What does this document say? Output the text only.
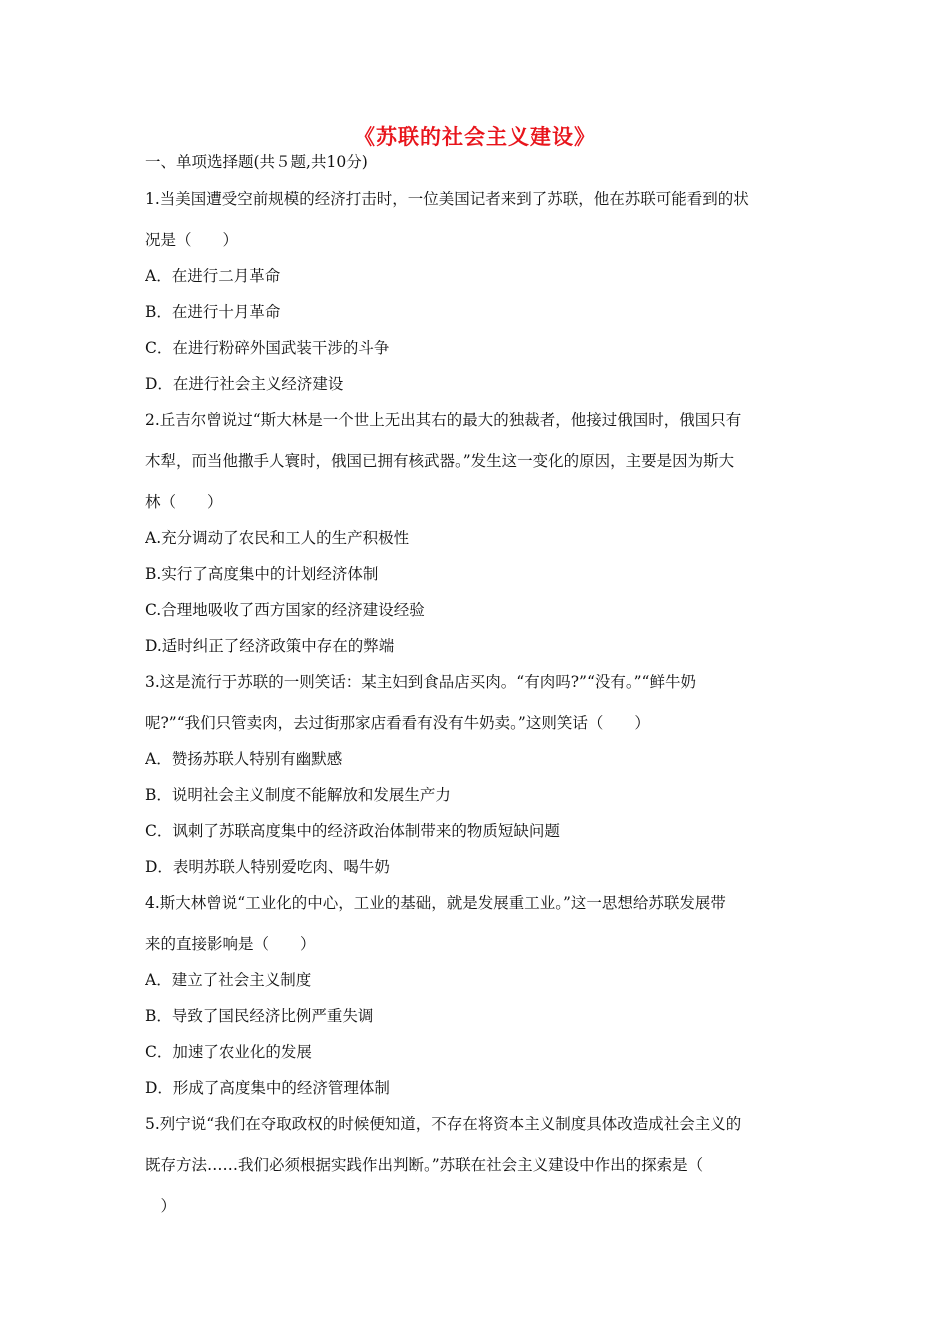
《苏联的社会主义建设》
一、单项选择题(共５题,共10分)
1.当美国遭受空前规模的经济打击时，一位美国记者来到了苏联，他在苏联可能看到的状
况是（　　）
A．在进行二月革命
B．在进行十月革命
C．在进行粉碎外国武装干涉的斗争
D．在进行社会主义经济建设
2.丘吉尔曾说过“斯大林是一个世上无出其右的最大的独裁者，他接过俄国时，俄国只有
木犁，而当他撒手人寰时，俄国已拥有核武器。”发生这一变化的原因，主要是因为斯大
林（　　）
A.充分调动了农民和工人的生产积极性
B.实行了高度集中的计划经济体制
C.合理地吸收了西方国家的经济建设经验
D.适时纠正了经济政策中存在的弊端
3.这是流行于苏联的一则笑话：某主妇到食品店买肉。“有肉吗?”“没有。”“鲜牛奶
呢?”“我们只管卖肉，去过街那家店看看有没有牛奶卖。”这则笑话（　　）
A．赞扬苏联人特别有幽默感
B．说明社会主义制度不能解放和发展生产力
C．讽刺了苏联高度集中的经济政治体制带来的物质短缺问题
D．表明苏联人特别爱吃肉、喝牛奶
4.斯大林曾说“工业化的中心，工业的基础，就是发展重工业。”这一思想给苏联发展带
来的直接影响是（　　）
A．建立了社会主义制度
B．导致了国民经济比例严重失调
C．加速了农业化的发展
D．形成了高度集中的经济管理体制
5.列宁说“我们在夺取政权的时候便知道，不存在将资本主义制度具体改造成社会主义的
既存方法……我们必须根据实践作出判断。”苏联在社会主义建设中作出的探索是（
　）
